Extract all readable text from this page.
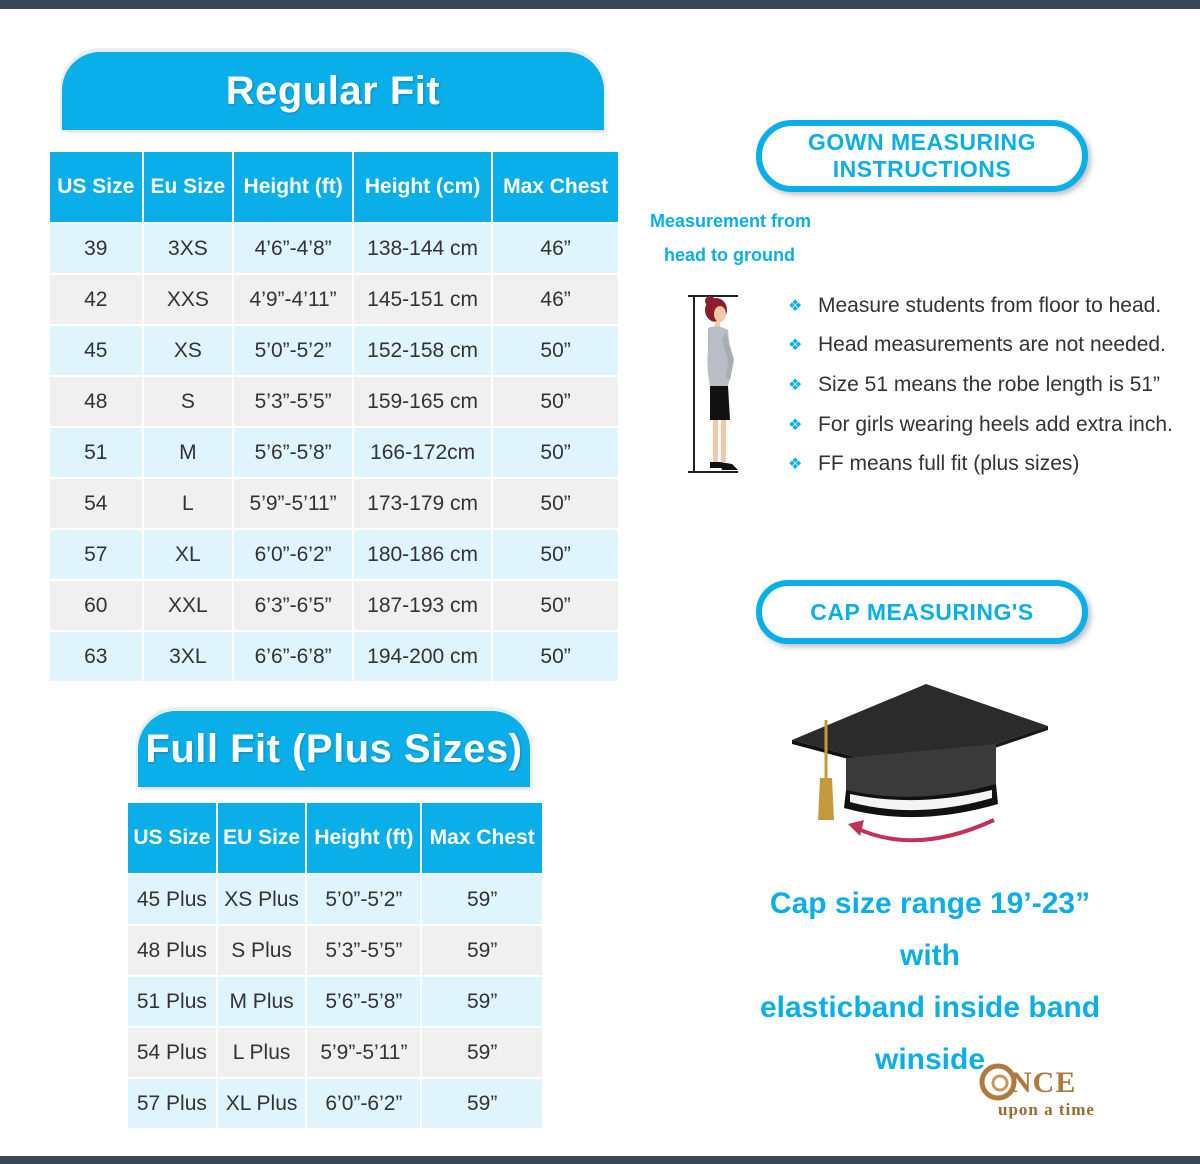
Regular Fit
US Size	Eu Size	Height (ft)	Height (cm)	Max Chest
39	3XS	4’6”-4’8”	138-144 cm	46”
42	XXS	4’9”-4’11”	145-151 cm	46”
45	XS	5’0”-5’2”	152-158 cm	50”
48	S	5’3”-5’5”	159-165 cm	50”
51	M	5’6”-5’8”	166-172cm	50”
54	L	5’9”-5’11”	173-179 cm	50”
57	XL	6’0”-6’2”	180-186 cm	50”
60	XXL	6’3”-6’5”	187-193 cm	50”
63	3XL	6’6”-6’8”	194-200 cm	50”
Full Fit (Plus Sizes)
US Size	EU Size	Height (ft)	Max Chest
45 Plus	XS Plus	5’0”-5’2”	59”
48 Plus	S Plus	5’3”-5’5”	59”
51 Plus	M Plus	5’6”-5’8”	59”
54 Plus	L Plus	5’9”-5’11”	59”
57 Plus	XL Plus	6’0”-6’2”	59”
GOWN MEASURING
INSTRUCTIONS
Measurement from
head to ground
❖ Measure students from floor to head.
❖ Head measurements are not needed.
❖ Size 51 means the robe length is 51”
❖ For girls wearing heels add extra inch.
❖ FF means full fit (plus sizes)
CAP MEASURING'S
Cap size range 19’-23” with
elasticband inside band winside
NCE
upon a time
